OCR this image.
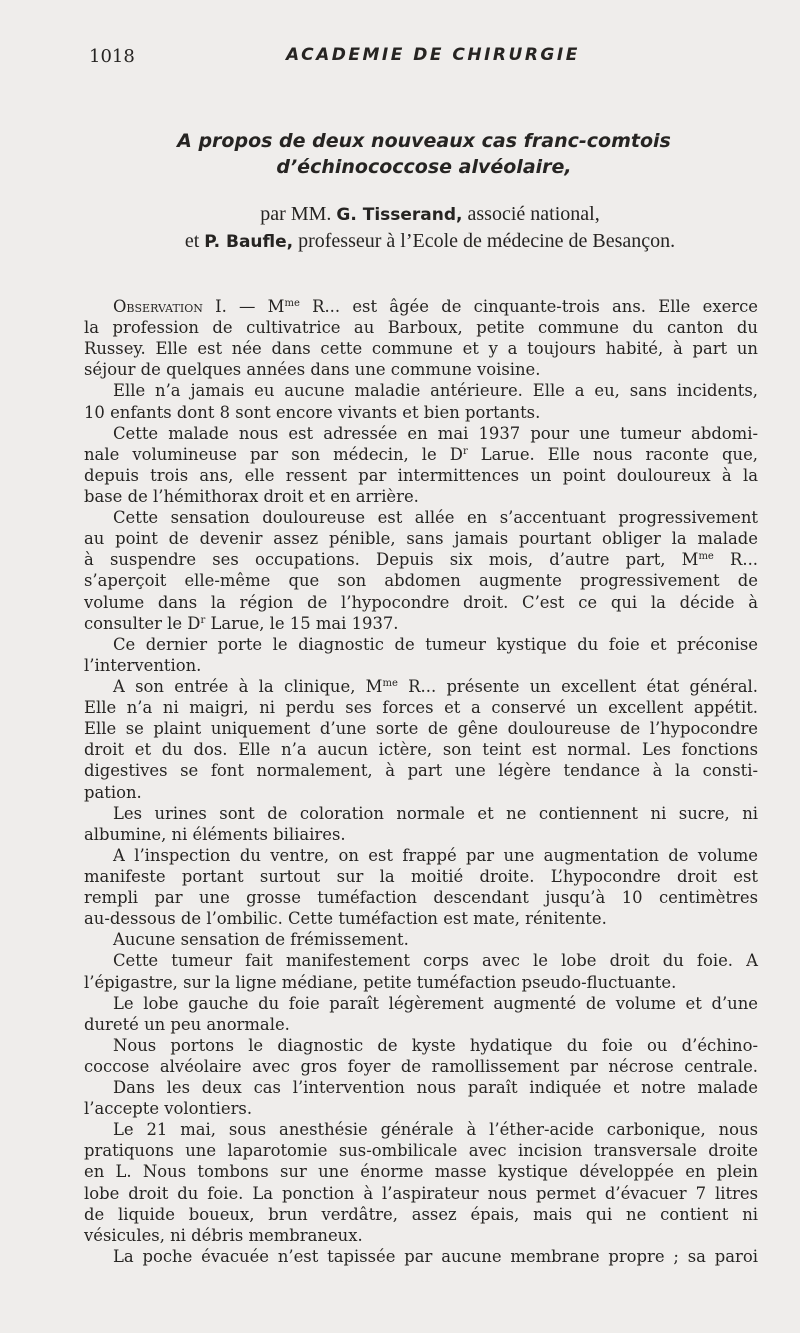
1018	ACADEMIE DE CHIRURGIE
A propos de deux nouveaux cas franc-comtois
d’échinococcose alvéolaire,
par MM. G. Tisserand, associé national,
et P. Baufle, professeur à l’Ecole de médecine de Besançon.
Observation I. — $M^{me}$ R... est âgée de cinquante-trois ans. Elle exerce
la profession de cultivatrice au Barboux, petite commune du canton du
Russey. Elle est née dans cette commune et y a toujours habité, à part un
séjour de quelques années dans une commune voisine.
Elle n’a jamais eu aucune maladie antérieure. Elle a eu, sans incidents,
10 enfants dont 8 sont encore vivants et bien portants.
Cette malade nous est adressée en mai 1937 pour une tumeur abdomi-
nale volumineuse par son médecin, le $D^r$ Larue. Elle nous raconte que,
depuis trois ans, elle ressent par intermittences un point douloureux à la
base de l’hémithorax droit et en arrière.
Cette sensation douloureuse est allée en s’accentuant progressivement
au point de devenir assez pénible, sans jamais pourtant obliger la malade
à suspendre ses occupations. Depuis six mois, d’autre part, $M^{me}$ R...
s’aperçoit elle-même que son abdomen augmente progressivement de
volume dans la région de l’hypocondre droit. C’est ce qui la décide à
consulter le $D^r$ Larue, le 15 mai 1937.
Ce dernier porte le diagnostic de tumeur kystique du foie et préconise
l’intervention.
A son entrée à la clinique, $M^{me}$ R... présente un excellent état général.
Elle n’a ni maigri, ni perdu ses forces et a conservé un excellent appétit.
Elle se plaint uniquement d’une sorte de gêne douloureuse de l’hypocondre
droit et du dos. Elle n’a aucun ictère, son teint est normal. Les fonctions
digestives se font normalement, à part une légère tendance à la consti-
pation.
Les urines sont de coloration normale et ne contiennent ni sucre, ni
albumine, ni éléments biliaires.
A l’inspection du ventre, on est frappé par une augmentation de volume
manifeste portant surtout sur la moitié droite. L’hypocondre droit est
rempli par une grosse tuméfaction descendant jusqu’à 10 centimètres
au-dessous de l’ombilic. Cette tuméfaction est mate, rénitente.
Aucune sensation de frémissement.
Cette tumeur fait manifestement corps avec le lobe droit du foie. A
l’épigastre, sur la ligne médiane, petite tuméfaction pseudo-fluctuante.
Le lobe gauche du foie paraît légèrement augmenté de volume et d’une
dureté un peu anormale.
Nous portons le diagnostic de kyste hydatique du foie ou d’échino-
coccose alvéolaire avec gros foyer de ramollissement par nécrose centrale.
Dans les deux cas l’intervention nous paraît indiquée et notre malade
l’accepte volontiers.
Le 21 mai, sous anesthésie générale à l’éther-acide carbonique, nous
pratiquons une laparotomie sus-ombilicale avec incision transversale droite
en L. Nous tombons sur une énorme masse kystique développée en plein
lobe droit du foie. La ponction à l’aspirateur nous permet d’évacuer 7 litres
de liquide boueux, brun verdâtre, assez épais, mais qui ne contient ni
vésicules, ni débris membraneux.
La poche évacuée n’est tapissée par aucune membrane propre ; sa paroi
